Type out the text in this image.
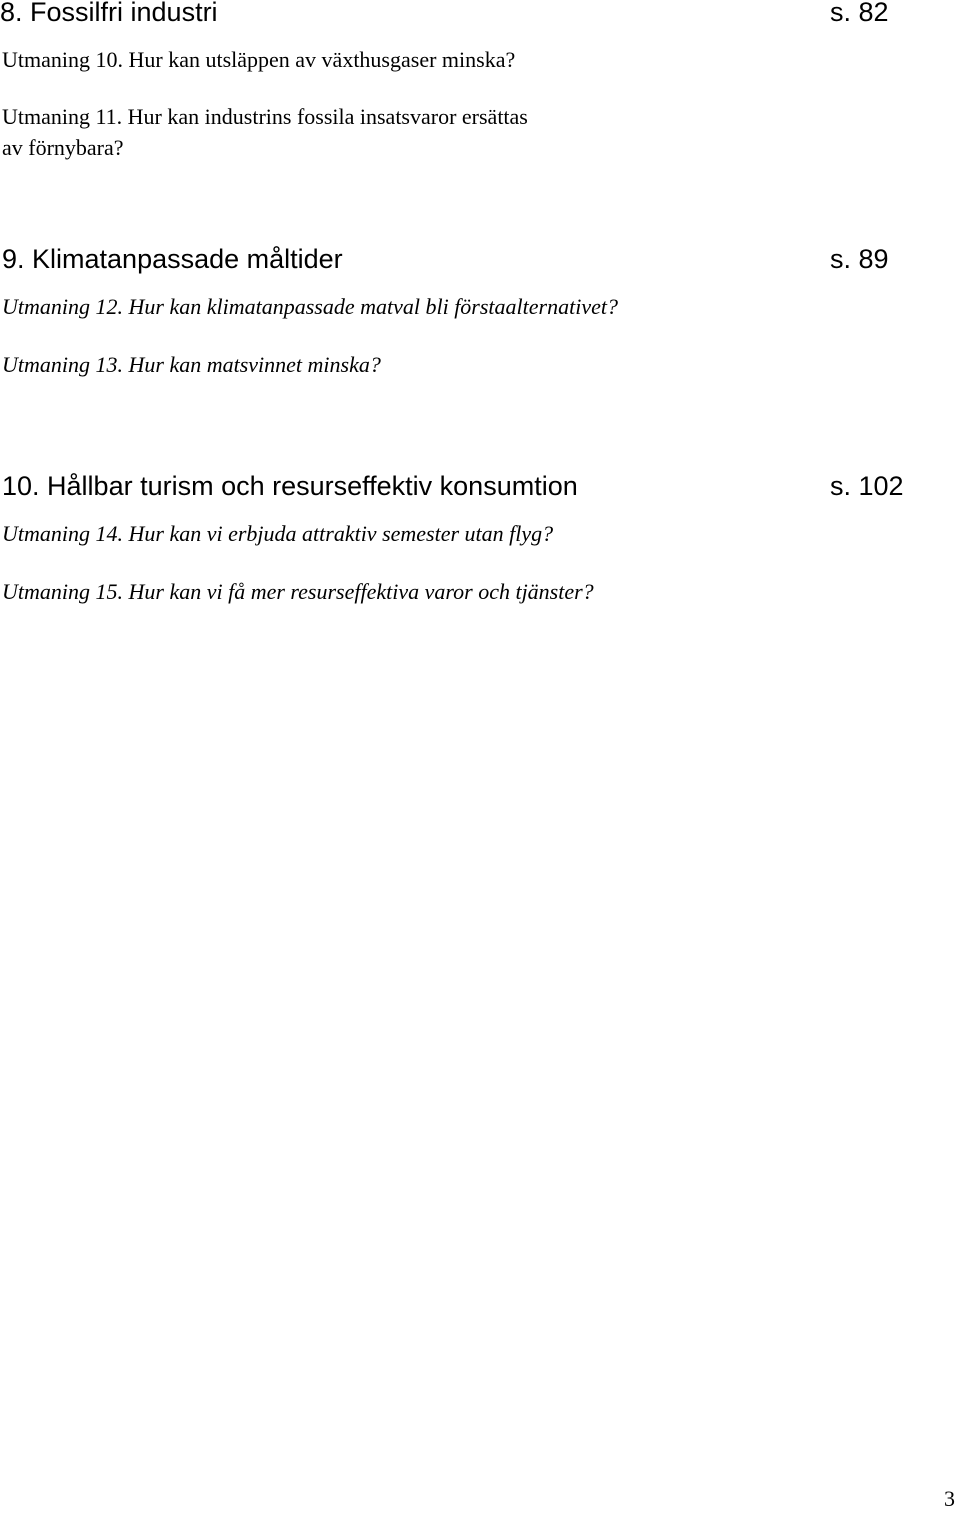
8. Fossilfri industri	s. 82
Utmaning 10. Hur kan utsläppen av växthusgaser minska?
Utmaning 11. Hur kan industrins fossila insatsvaror ersättas
av förnybara?
9. Klimatanpassade måltider	s. 89
Utmaning 12. Hur kan klimatanpassade matval bli förstaalternativet?
Utmaning 13. Hur kan matsvinnet minska?
10. Hållbar turism och resurseffektiv konsumtion	s. 102
Utmaning 14. Hur kan vi erbjuda attraktiv semester utan flyg?
Utmaning 15. Hur kan vi få mer resurseffektiva varor och tjänster?
3
